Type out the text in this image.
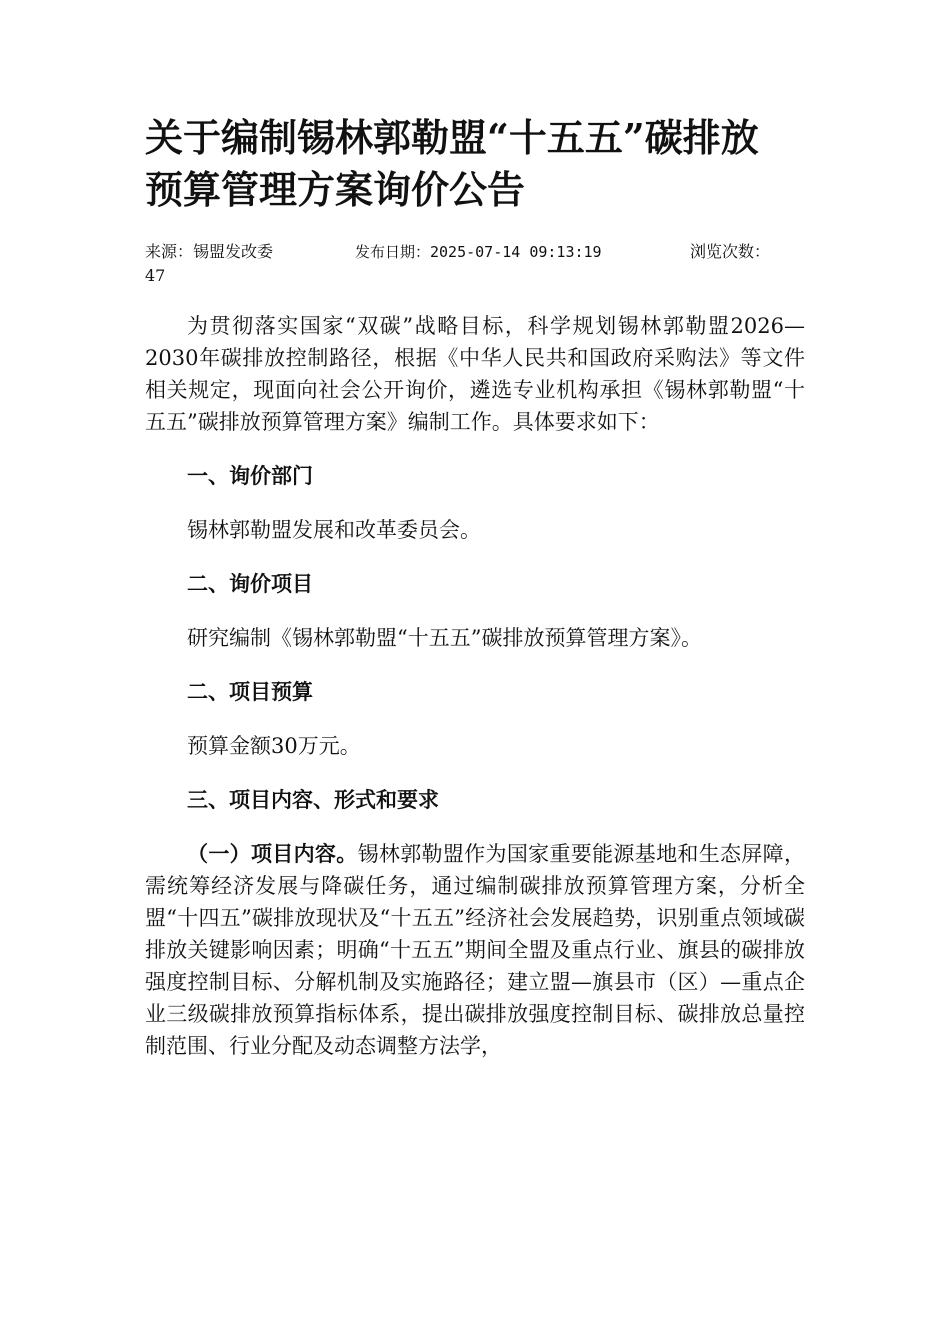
关于编制锡林郭勒盟“十五五”碳排放
预算管理方案询价公告
来源：锡盟发改委	发布日期：2025-07-14 09:13:19	浏览次数：
47

为贯彻落实国家“双碳”战略目标，科学规划锡林郭勒盟2026—2030年碳排放控制路径，根据《中华人民共和国政府采购法》等文件相关规定，现面向社会公开询价，遴选专业机构承担《锡林郭勒盟“十五五”碳排放预算管理方案》编制工作。具体要求如下：

一、询价部门

锡林郭勒盟发展和改革委员会。

二、询价项目

研究编制《锡林郭勒盟“十五五”碳排放预算管理方案》。

二、项目预算

预算金额30万元。

三、项目内容、形式和要求

（一）项目内容。锡林郭勒盟作为国家重要能源基地和生态屏障，需统筹经济发展与降碳任务，通过编制碳排放预算管理方案，分析全盟“十四五”碳排放现状及“十五五”经济社会发展趋势，识别重点领域碳排放关键影响因素；明确“十五五”期间全盟及重点行业、旗县的碳排放强度控制目标、分解机制及实施路径；建立盟—旗县市（区）—重点企业三级碳排放预算指标体系，提出碳排放强度控制目标、碳排放总量控制范围、行业分配及动态调整方法学，
